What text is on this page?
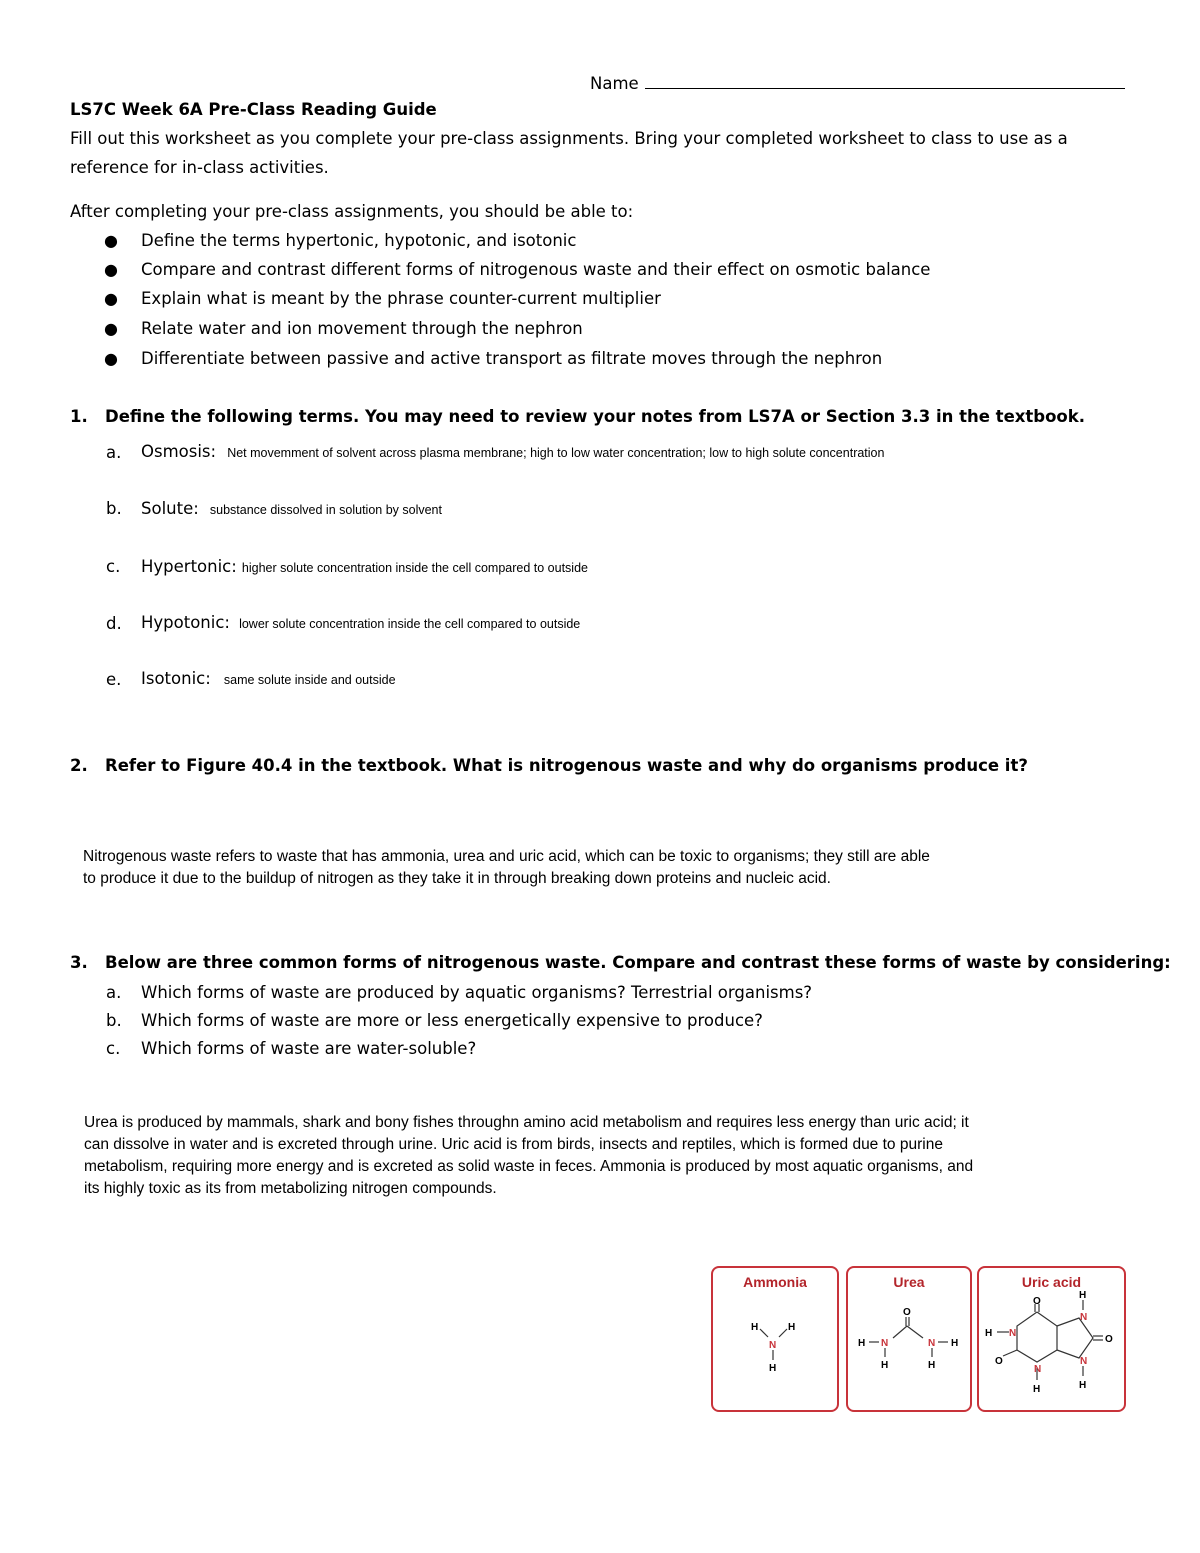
Name
LS7C Week 6A Pre-Class Reading Guide
Fill out this worksheet as you complete your pre-class assignments. Bring your completed worksheet to class to use as a
reference for in-class activities.
After completing your pre-class assignments, you should be able to:
● Define the terms hypertonic, hypotonic, and isotonic
● Compare and contrast different forms of nitrogenous waste and their effect on osmotic balance
● Explain what is meant by the phrase counter-current multiplier
● Relate water and ion movement through the nephron
● Differentiate between passive and active transport as filtrate moves through the nephron
1. Define the following terms. You may need to review your notes from LS7A or Section 3.3 in the textbook.
a. Osmosis: Net movemment of solvent across plasma membrane; high to low water concentration; low to high solute concentration
b. Solute: substance dissolved in solution by solvent
c. Hypertonic: higher solute concentration inside the cell compared to outside
d. Hypotonic: lower solute concentration inside the cell compared to outside
e. Isotonic: same solute inside and outside
2. Refer to Figure 40.4 in the textbook. What is nitrogenous waste and why do organisms produce it?
Nitrogenous waste refers to waste that has ammonia, urea and uric acid, which can be toxic to organisms; they still are able
to produce it due to the buildup of nitrogen as they take it in through breaking down proteins and nucleic acid.
3. Below are three common forms of nitrogenous waste. Compare and contrast these forms of waste by considering:
a. Which forms of waste are produced by aquatic organisms? Terrestrial organisms?
b. Which forms of waste are more or less energetically expensive to produce?
c. Which forms of waste are water-soluble?
Urea is produced by mammals, shark and bony fishes throughn amino acid metabolism and requires less energy than uric acid; it
can dissolve in water and is excreted through urine. Uric acid is from birds, insects and reptiles, which is formed due to purine
metabolism, requiring more energy and is excreted as solid waste in feces. Ammonia is produced by most aquatic organisms, and
its highly toxic as its from metabolizing nitrogen compounds.
Ammonia
H	H
N
H
Urea
O
H N	N H
H	H
Uric acid
O
H
H N
N
O
O	N
N
H
H
